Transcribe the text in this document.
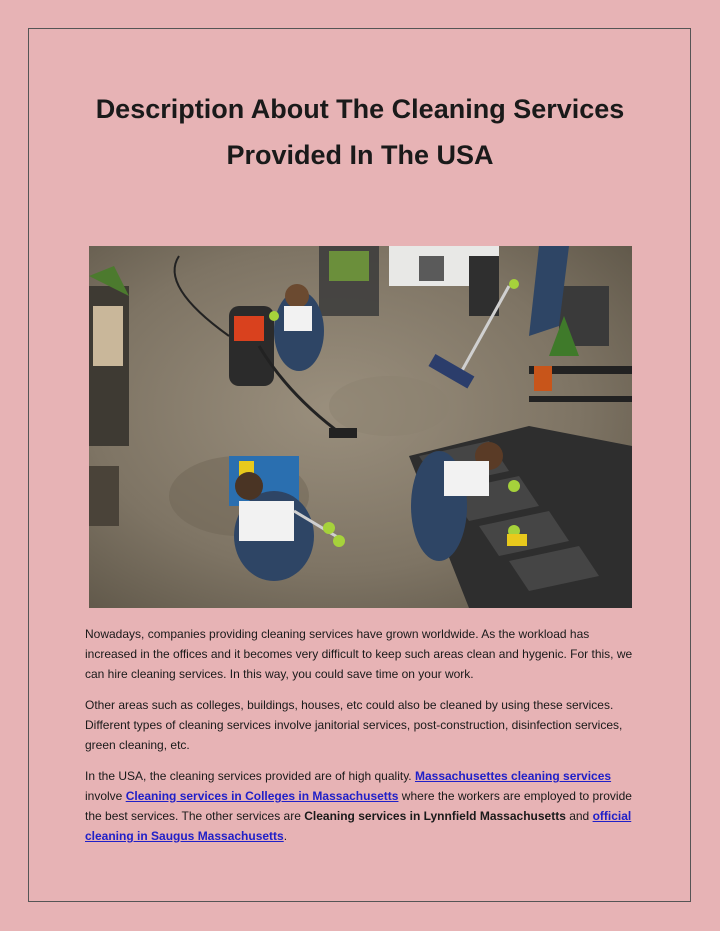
Description About The Cleaning Services
Provided In The USA

Nowadays, companies providing cleaning services have grown worldwide. As the workload has increased in the offices and it becomes very difficult to keep such areas clean and hygenic. For this, we can hire cleaning services. In this way, you could save time on your work.

Other areas such as colleges, buildings, houses, etc could also be cleaned by using these services. Different types of cleaning services involve janitorial services, post-construction, disinfection services, green cleaning, etc.

In the USA, the cleaning services provided are of high quality. Massachusettes cleaning services involve Cleaning services in Colleges in Massachusetts where the workers are employed to provide the best services. The other services are Cleaning services in Lynnfield Massachusetts and official cleaning in Saugus Massachusetts.
